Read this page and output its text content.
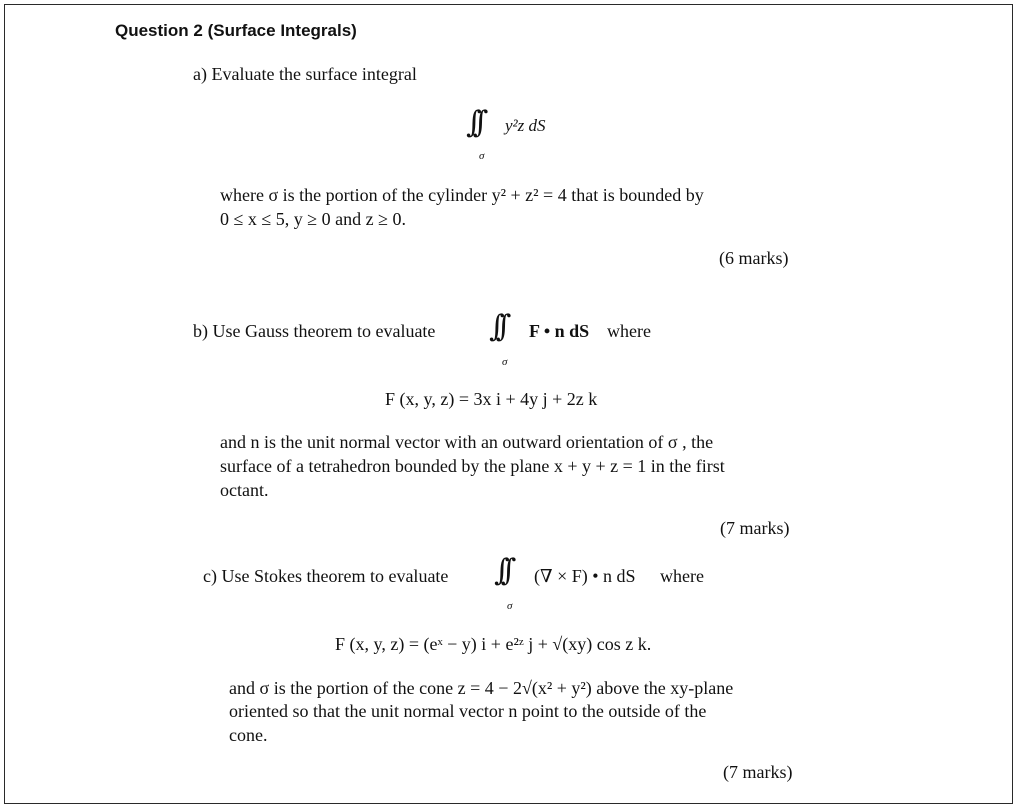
Question 2 (Surface Integrals)
a) Evaluate the surface integral
∫∫ y²z dS
σ
where σ is the portion of the cylinder y² + z² = 4 that is bounded by
0 ≤ x ≤ 5, y ≥ 0 and z ≥ 0.
(6 marks)
b) Use Gauss theorem to evaluate ∫∫ F • n dS where
σ
F (x, y, z) = 3x i + 4y j + 2z k
and n is the unit normal vector with an outward orientation of σ , the
surface of a tetrahedron bounded by the plane x + y + z = 1 in the first
octant.
(7 marks)
c) Use Stokes theorem to evaluate ∫∫ (∇ × F) • n dS where
σ
F (x, y, z) = (eˣ − y) i + e²ᶻ j + √(xy) cos z k.
and σ is the portion of the cone z = 4 − 2√(x² + y²) above the xy-plane
oriented so that the unit normal vector n point to the outside of the
cone.
(7 marks)
